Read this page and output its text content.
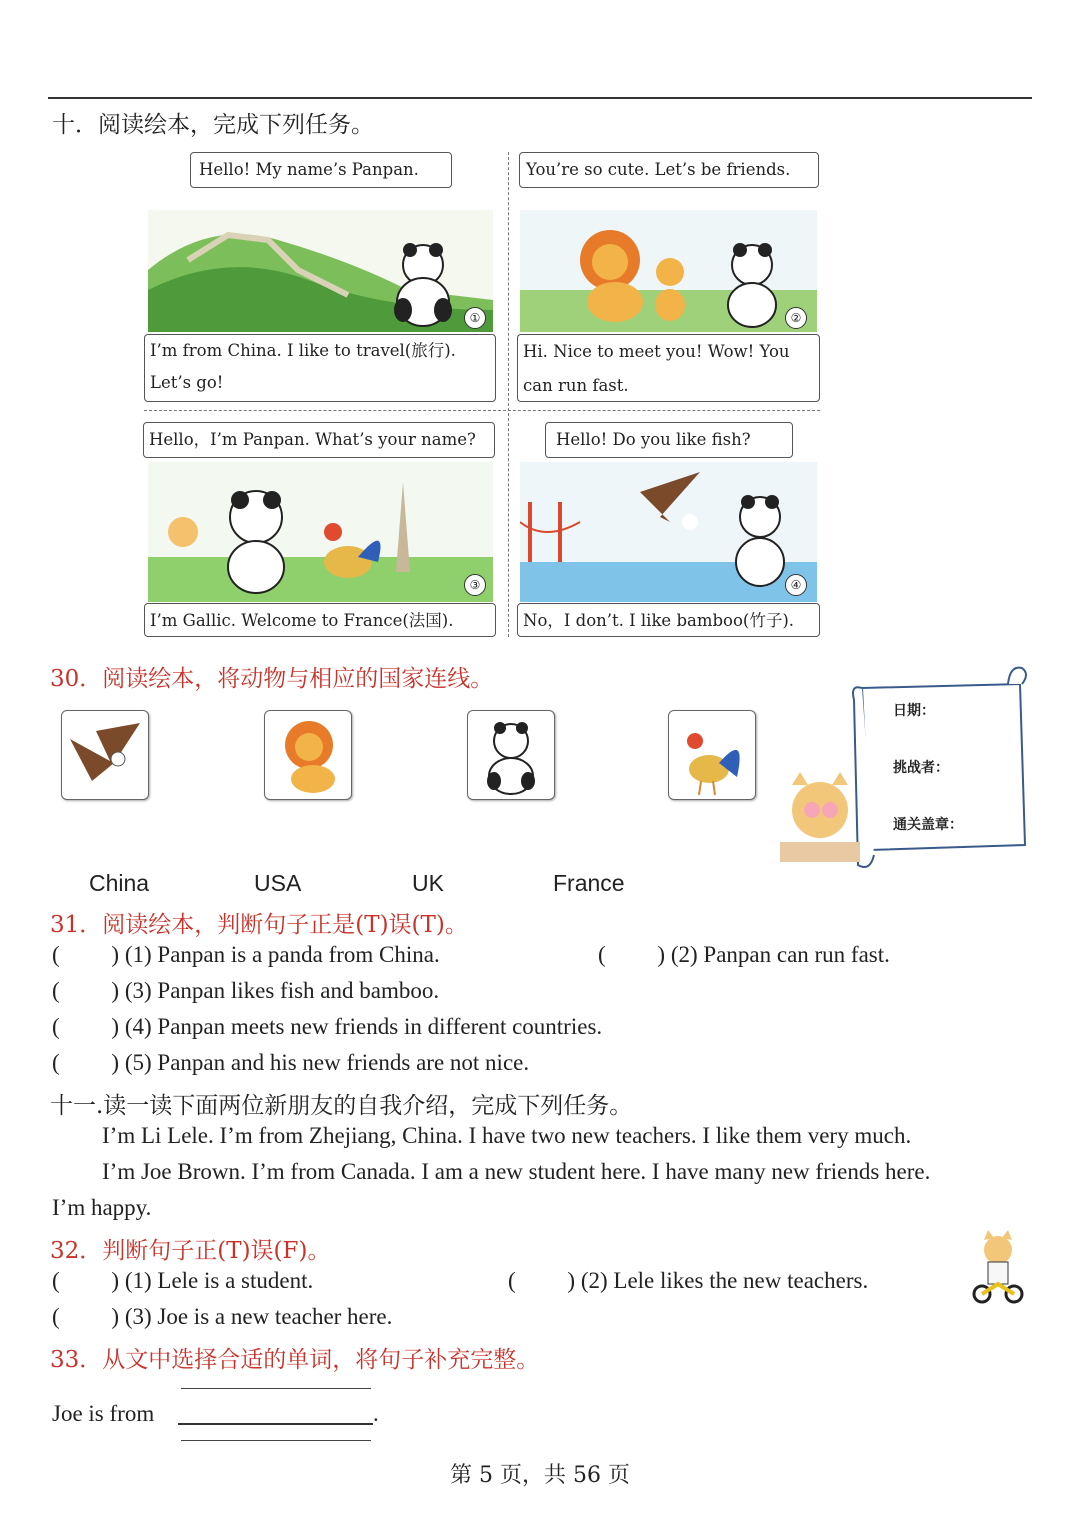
十．阅读绘本，完成下列任务。
①
Hello! My name’s Panpan.
I’m from China. I like to travel(旅行).
Let’s go!
②
You’re so cute. Let’s be friends.
Hi. Nice to meet you! Wow! You
can run fast.
③
Hello，I’m Panpan. What’s your name?
I’m Gallic. Welcome to France(法国).
④
Hello! Do you like fish?
No，I don’t. I like bamboo(竹子).
30．阅读绘本，将动物与相应的国家连线。
China	USA	UK	France
日期：
挑战者：
通关盖章：
31．阅读绘本，判断句子正是(T)误(T)。
(         ) (1) Panpan is a panda from China.	(         ) (2) Panpan can run fast.
(         ) (3) Panpan likes fish and bamboo.
(         ) (4) Panpan meets new friends in different countries.
(         ) (5) Panpan and his new friends are not nice.
十一.读一读下面两位新朋友的自我介绍，完成下列任务。
I’m Li Lele. I’m from Zhejiang, China. I have two new teachers. I like them very much.
I’m Joe Brown. I’m from Canada. I am a new student here. I have many new friends here.
I’m happy.
32．判断句子正(T)误(F)。
(         ) (1) Lele is a student.	(         ) (2) Lele likes the new teachers.
(         ) (3) Joe is a new teacher here.
33．从文中选择合适的单词，将句子补充完整。
Joe is from	.
第 5 页，共 56 页
